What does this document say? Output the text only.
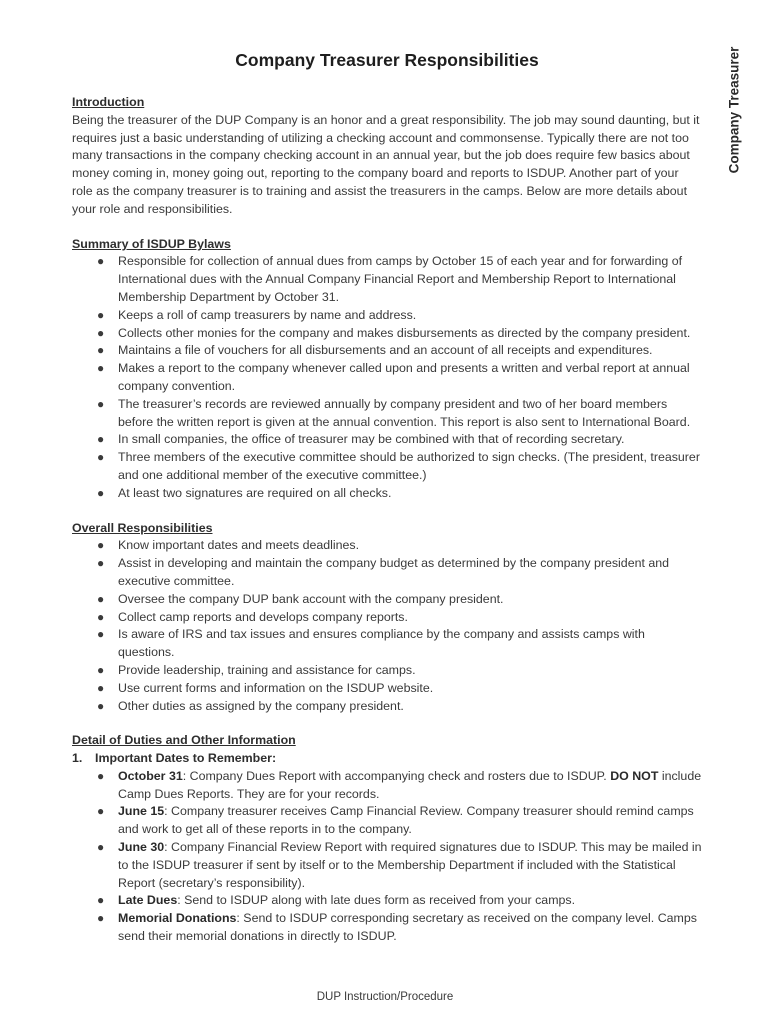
Company Treasurer
Company Treasurer Responsibilities
Introduction
Being the treasurer of the DUP Company is an honor and a great responsibility. The job may sound daunting, but it requires just a basic understanding of utilizing a checking account and commonsense. Typically there are not too many transactions in the company checking account in an annual year, but the job does require few basics about money coming in, money going out, reporting to the company board and reports to ISDUP. Another part of your role as the company treasurer is to training and assist the treasurers in the camps. Below are more details about your role and responsibilities.
Summary of ISDUP Bylaws
● Responsible for collection of annual dues from camps by October 15 of each year and for forwarding of International dues with the Annual Company Financial Report and Membership Report to International Membership Department by October 31.
● Keeps a roll of camp treasurers by name and address.
● Collects other monies for the company and makes disbursements as directed by the company president.
● Maintains a file of vouchers for all disbursements and an account of all receipts and expenditures.
● Makes a report to the company whenever called upon and presents a written and verbal report at annual company convention.
● The treasurer’s records are reviewed annually by company president and two of her board members before the written report is given at the annual convention. This report is also sent to International Board.
● In small companies, the office of treasurer may be combined with that of recording secretary.
● Three members of the executive committee should be authorized to sign checks. (The president, treasurer and one additional member of the executive committee.)
● At least two signatures are required on all checks.
Overall Responsibilities
● Know important dates and meets deadlines.
● Assist in developing and maintain the company budget as determined by the company president and executive committee.
● Oversee the company DUP bank account with the company president.
● Collect camp reports and develops company reports.
● Is aware of IRS and tax issues and ensures compliance by the company and assists camps with questions.
● Provide leadership, training and assistance for camps.
● Use current forms and information on the ISDUP website.
● Other duties as assigned by the company president.
Detail of Duties and Other Information
1. Important Dates to Remember:
● October 31: Company Dues Report with accompanying check and rosters due to ISDUP. DO NOT include Camp Dues Reports. They are for your records.
● June 15: Company treasurer receives Camp Financial Review. Company treasurer should remind camps and work to get all of these reports in to the company.
● June 30: Company Financial Review Report with required signatures due to ISDUP. This may be mailed in to the ISDUP treasurer if sent by itself or to the Membership Department if included with the Statistical Report (secretary’s responsibility).
● Late Dues: Send to ISDUP along with late dues form as received from your camps.
● Memorial Donations: Send to ISDUP corresponding secretary as received on the company level. Camps send their memorial donations in directly to ISDUP.
DUP Instruction/Procedure
